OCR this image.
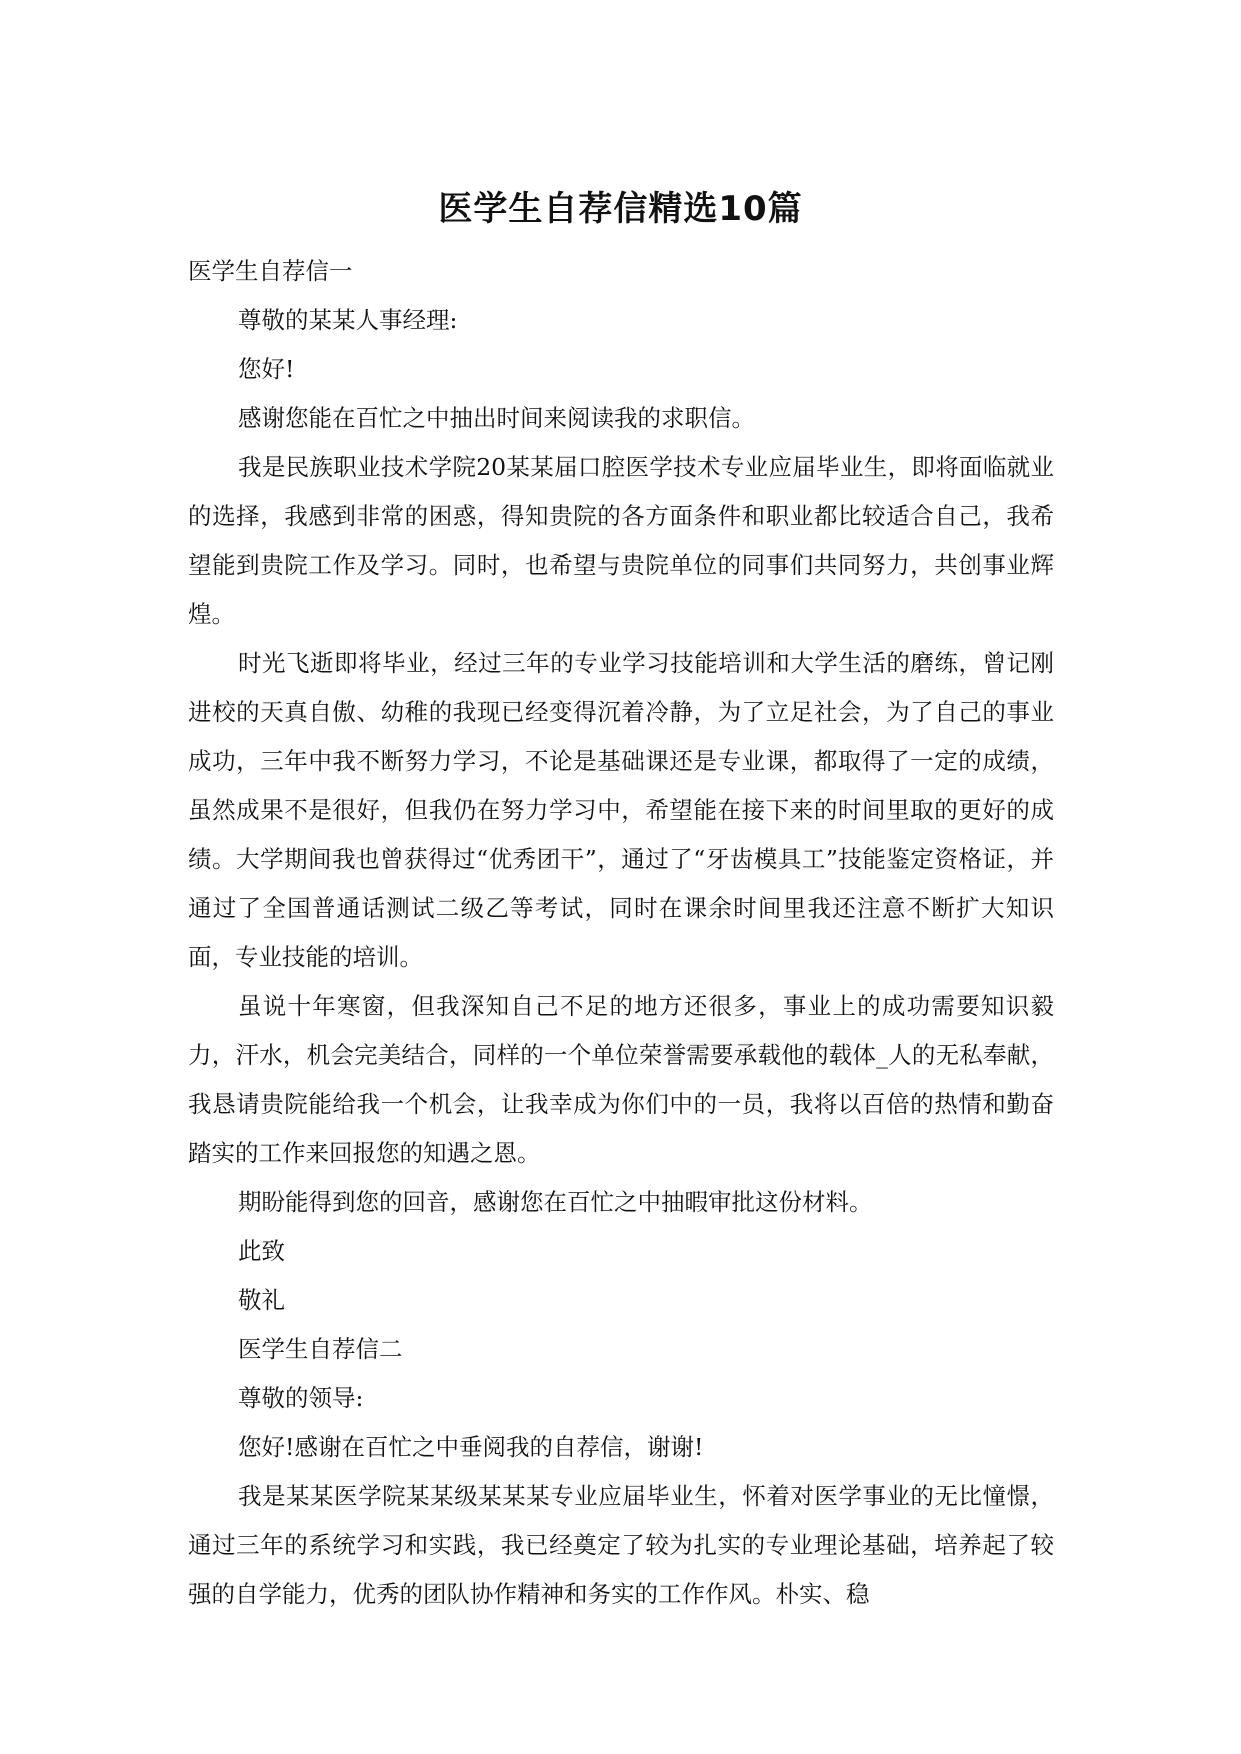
医学生自荐信精选10篇

医学生自荐信一

尊敬的某某人事经理:

您好!

感谢您能在百忙之中抽出时间来阅读我的求职信。

我是民族职业技术学院20某某届口腔医学技术专业应届毕业生，即将面临就业的选择，我感到非常的困惑，得知贵院的各方面条件和职业都比较适合自己，我希望能到贵院工作及学习。同时，也希望与贵院单位的同事们共同努力，共创事业辉煌。

时光飞逝即将毕业，经过三年的专业学习技能培训和大学生活的磨练，曾记刚进校的天真自傲、幼稚的我现已经变得沉着冷静，为了立足社会，为了自己的事业成功，三年中我不断努力学习，不论是基础课还是专业课，都取得了一定的成绩，虽然成果不是很好，但我仍在努力学习中，希望能在接下来的时间里取的更好的成绩。大学期间我也曾获得过“优秀团干”，通过了“牙齿模具工”技能鉴定资格证，并通过了全国普通话测试二级乙等考试，同时在课余时间里我还注意不断扩大知识面，专业技能的培训。

虽说十年寒窗，但我深知自己不足的地方还很多，事业上的成功需要知识毅力，汗水，机会完美结合，同样的一个单位荣誉需要承载他的载体_人的无私奉献，我恳请贵院能给我一个机会，让我幸成为你们中的一员，我将以百倍的热情和勤奋踏实的工作来回报您的知遇之恩。

期盼能得到您的回音，感谢您在百忙之中抽暇审批这份材料。

此致

敬礼

医学生自荐信二

尊敬的领导:

您好!感谢在百忙之中垂阅我的自荐信，谢谢!

我是某某医学院某某级某某某专业应届毕业生，怀着对医学事业的无比憧憬，通过三年的系统学习和实践，我已经奠定了较为扎实的专业理论基础，培养起了较强的自学能力，优秀的团队协作精神和务实的工作作风。朴实、稳
